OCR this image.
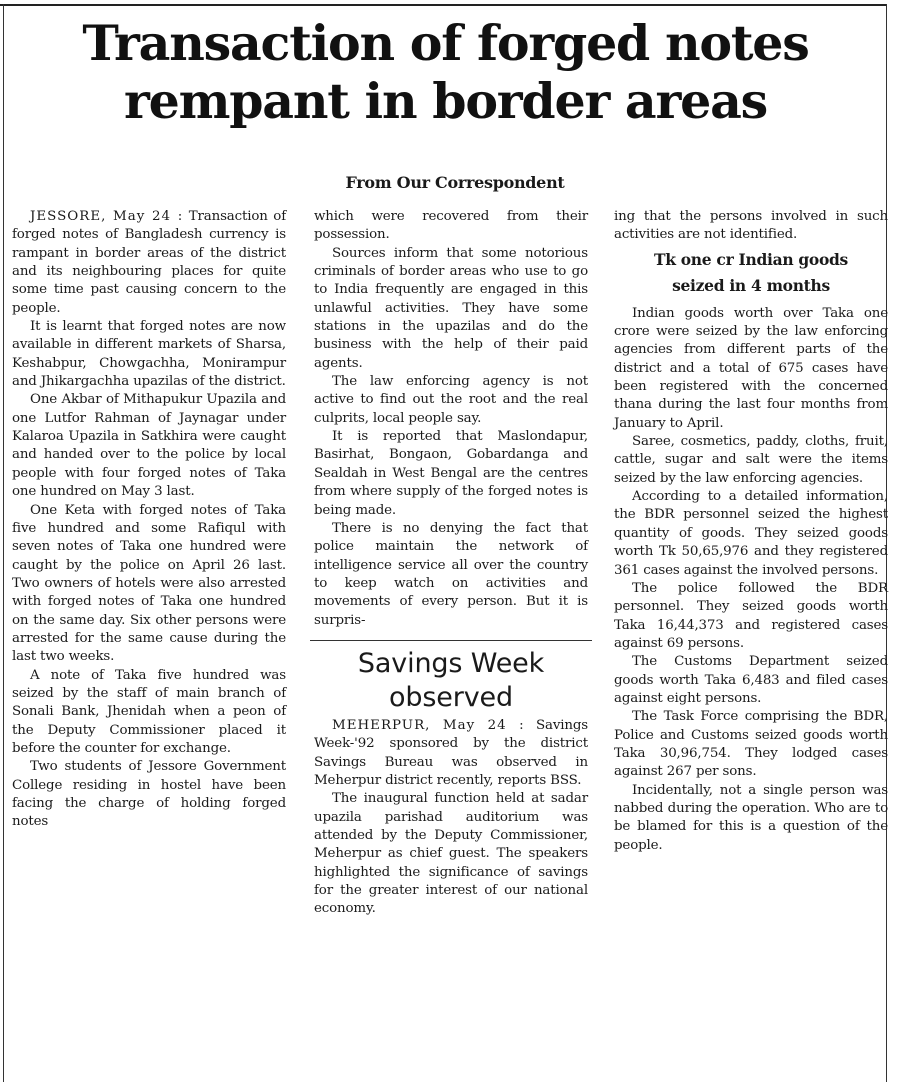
Transaction of forged notes
rempant in border areas

From Our Correspondent

JESSORE, May 24 : Transaction of forged notes of Bangladesh currency is rampant in border areas of the district and its neighbouring places for quite some time past causing concern to the people.

It is learnt that forged notes are now available in different markets of Sharsa, Keshabpur, Chowgachha, Monirampur and Jhikargachha upazilas of the district.

One Akbar of Mithapukur Upazila and one Lutfor Rahman of Jaynagar under Kalaroa Upazila in Satkhira were caught and handed over to the police by local people with four forged notes of Taka one hundred on May 3 last.

One Keta with forged notes of Taka five hundred and some Rafiqul with seven notes of Taka one hundred were caught by the police on April 26 last. Two owners of hotels were also arrested with forged notes of Taka one hundred on the same day. Six other persons were arrested for the same cause during the last two weeks.

A note of Taka five hundred was seized by the staff of main branch of Sonali Bank, Jhenidah when a peon of the Deputy Commissioner placed it before the counter for exchange.

Two students of Jessore Government College residing in hostel have been facing the charge of holding forged notes

which were recovered from their possession.

Sources inform that some notorious criminals of border areas who use to go to India frequently are engaged in this unlawful activities. They have some stations in the upazilas and do the business with the help of their paid agents.

The law enforcing agency is not active to find out the root and the real culprits, local people say.

It is reported that Maslondapur, Basirhat, Bongaon, Gobardanga and Sealdah in West Bengal are the centres from where supply of the forged notes is being made.

There is no denying the fact that police maintain the network of intelligence service all over the country to keep watch on activities and movements of every person. But it is surpris-

Savings Week
observed

MEHERPUR, May 24 : Savings Week-'92 sponsored by the district Savings Bureau was observed in Meherpur district recently, reports BSS.

The inaugural function held at sadar upazila parishad auditorium was attended by the Deputy Commissioner, Meherpur as chief guest. The speakers highlighted the significance of savings for the greater interest of our national economy.

ing that the persons involved in such activities are not identified.

Tk one cr Indian goods
seized in 4 months

Indian goods worth over Taka one crore were seized by the law enforcing agencies from different parts of the district and a total of 675 cases have been registered with the concerned thana during the last four months from January to April.

Saree, cosmetics, paddy, cloths, fruit, cattle, sugar and salt were the items seized by the law enforcing agencies.

According to a detailed information, the BDR personnel seized the highest quantity of goods. They seized goods worth Tk 50,65,976 and they registered 361 cases against the involved persons.

The police followed the BDR personnel. They seized goods worth Taka 16,44,373 and registered cases against 69 persons.

The Customs Department seized goods worth Taka 6,483 and filed cases against eight persons.

The Task Force comprising the BDR, Police and Customs seized goods worth Taka 30,96,754. They lodged cases against 267 per sons.

Incidentally, not a single person was nabbed during the operation. Who are to be blamed for this is a question of the people.
